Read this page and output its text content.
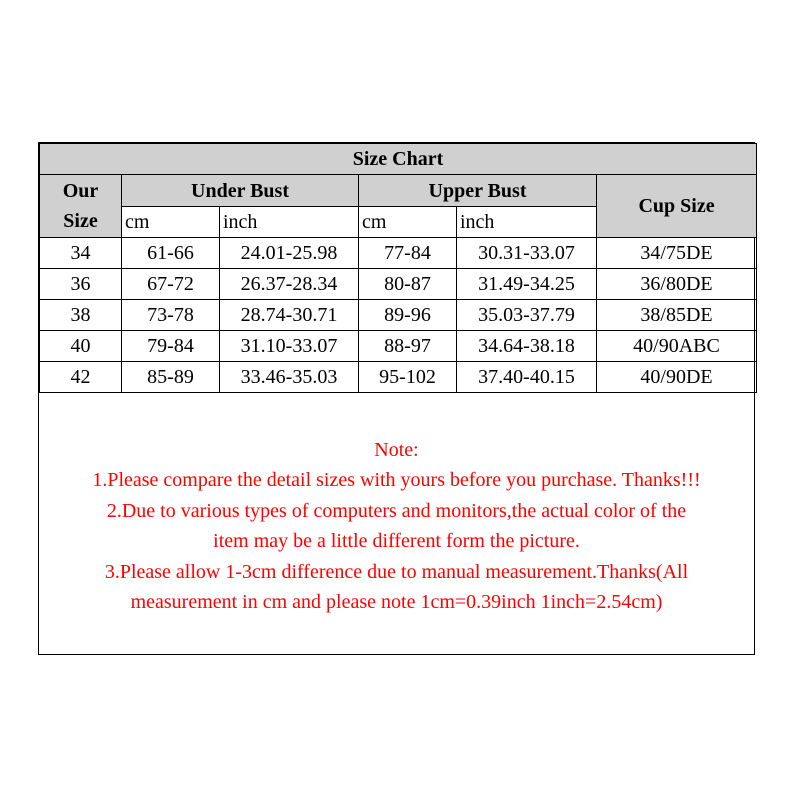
Size Chart					
Our
Size	Under Bust		Upper Bust		Cup Size
	cm	inch	cm	inch	
34	61-66	24.01-25.98	77-84	30.31-33.07	34/75DE
36	67-72	26.37-28.34	80-87	31.49-34.25	36/80DE
38	73-78	28.74-30.71	89-96	35.03-37.79	38/85DE
40	79-84	31.10-33.07	88-97	34.64-38.18	40/90ABC
42	85-89	33.46-35.03	95-102	37.40-40.15	40/90DE

Note:

1.Please compare the detail sizes with yours before you purchase. Thanks!!!

2.Due to various types of computers and monitors,the actual color of the

item may be a little different form the picture.

3.Please allow 1-3cm difference due to manual measurement.Thanks(All

measurement in cm and please note 1cm=0.39inch 1inch=2.54cm)
